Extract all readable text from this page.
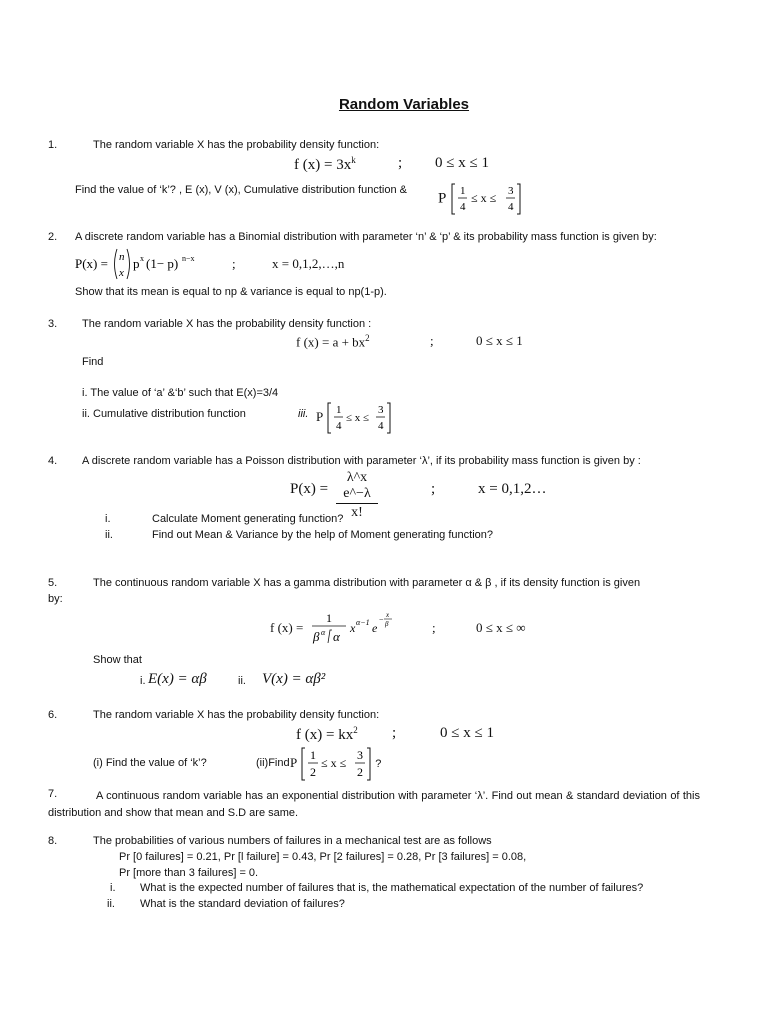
Random Variables
1.	The random variable X has the probability density function:
f $(x) = 3x^k$	; 0 ≤ x ≤ 1
Find the value of ‘k’? , E (x), V (x), Cumulative distribution function &
P 1
4
≤ x ≤ 3
4
2. A discrete random variable has a Binomial distribution with parameter ‘n’ & ‘p’ & its probability mass function is given by:
P(x) = n
x
p x (1− p) n−x	;	x = 0,1,2,…,n
Show that its mean is equal to np & variance is equal to np(1-p).
3. The random variable X has the probability density function :
f $(x) = a + bx^2$	;	0 ≤ x ≤ 1
Find
i. The value of ‘a’ &‘b’ such that E(x)=3/4
ii. Cumulative distribution function	iii. P 1
4
≤ x ≤
3
4
4. A discrete random variable has a Poisson distribution with parameter ‘λ’, if its probability mass function is given by :
$P(x) = \frac{\text{λ\textasciicircum{}x e\textasciicircum{}−λ}}{x!}$	;	x = 0,1,2…
i.	Calculate Moment generating function?
ii.	Find out Mean & Variance by the help of Moment generating function?
5.	The continuous random variable X has a gamma distribution with parameter α & β , if its density function is given
by:
f (x) =
1
β α α
x α−1 e
− x
β	;	0 ≤ x ≤ ∞
Show that
i. E(x) = αβ	ii. V(x) = αβ²
6.	The random variable X has the probability density function:
f $(x) = kx^2$ ;	0 ≤ x ≤ 1
(i) Find the value of ‘k’?	(ii)Find P 1
2
≤ x ≤
3
2
?
7.	A continuous random variable has an exponential distribution with parameter ‘λ’. Find out mean & standard deviation of this distribution and show that mean and S.D are same.
8.	The probabilities of various numbers of failures in a mechanical test are as follows
Pr [0 failures] = 0.21, Pr [l failure] = 0.43, Pr [2 failures] = 0.28, Pr [3 failures] = 0.08,
Pr [more than 3 failures] = 0.
i. What is the expected number of failures that is, the mathematical expectation of the number of failures?
ii. What is the standard deviation of failures?
